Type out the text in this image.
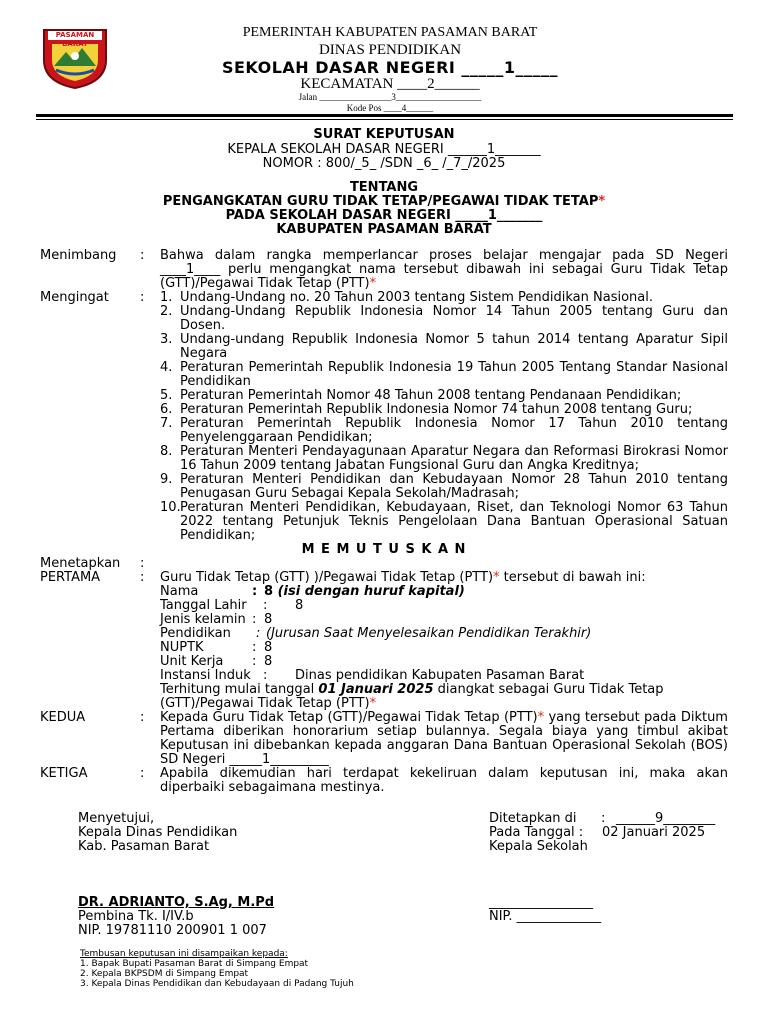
PASAMAN BARAT
PEMERINTAH KABUPATEN PASAMAN BARAT
DINAS PENDIDIKAN
SEKOLAH DASAR NEGERI _____1_____
KECAMATAN ____2______
Jalan ________________3___________________
Kode Pos ____4______
SURAT KEPUTUSAN
KEPALA SEKOLAH DASAR NEGERI ______1_______
NOMOR : 800/_5_ /SDN _6_ /_7_/2025
TENTANG
PENGANGKATAN GURU TIDAK TETAP/PEGAWAI TIDAK TETAP*
PADA SEKOLAH DASAR NEGERI _____1_______
KABUPATEN PASAMAN BARAT
Menimbang	:	Bahwa dalam rangka memperlancar proses belajar mengajar pada SD Negeri
____1____ perlu mengangkat nama tersebut dibawah ini sebagai Guru Tidak Tetap
(GTT)/Pegawai Tidak Tetap (PTT)*
Mengingat	:	1. Undang-Undang no. 20 Tahun 2003 tentang Sistem Pendidikan Nasional.
2. Undang-Undang Republik Indonesia Nomor 14 Tahun 2005 tentang Guru dan Dosen.
3. Undang-undang Republik Indonesia Nomor 5 tahun 2014 tentang Aparatur Sipil Negara
4. Peraturan Pemerintah Republik Indonesia 19 Tahun 2005 Tentang Standar Nasional Pendidikan
5. Peraturan Pemerintah Nomor 48 Tahun 2008 tentang Pendanaan Pendidikan;
6. Peraturan Pemerintah Republik Indonesia Nomor 74 tahun 2008 tentang Guru;
7. Peraturan Pemerintah Republik Indonesia Nomor 17 Tahun 2010 tentang Penyelenggaraan Pendidikan;
8. Peraturan Menteri Pendayagunaan Aparatur Negara dan Reformasi Birokrasi Nomor 16 Tahun 2009 tentang Jabatan Fungsional Guru dan Angka Kreditnya;
9. Peraturan Menteri Pendidikan dan Kebudayaan Nomor 28 Tahun 2010 tentang Penugasan Guru Sebagai Kepala Sekolah/Madrasah;
10. Peraturan Menteri Pendidikan, Kebudayaan, Riset, dan Teknologi Nomor 63 Tahun 2022 tentang Petunjuk Teknis Pengelolaan Dana Bantuan Operasional Satuan Pendidikan;
M E M U T U S K A N
Menetapkan	:
PERTAMA	:	Guru Tidak Tetap (GTT) )/Pegawai Tidak Tetap (PTT)* tersebut di bawah ini:
Nama	: 8 (isi dengan huruf kapital)
Tanggal Lahir : 8
Jenis kelamin : 8
Pendidikan : (Jurusan Saat Menyelesaikan Pendidikan Terakhir)
NUPTK	: 8
Unit Kerja : 8
Instansi Induk : Dinas pendidikan Kabupaten Pasaman Barat
Terhitung mulai tanggal 01 Januari 2025 diangkat sebagai Guru Tidak Tetap
(GTT)/Pegawai Tidak Tetap (PTT)*
KEDUA	:	Kepada Guru Tidak Tetap (GTT)/Pegawai Tidak Tetap (PTT)* yang tersebut pada Diktum Pertama diberikan honorarium setiap bulannya. Segala biaya yang timbul akibat Keputusan ini dibebankan kepada anggaran Dana Bantuan Operasional Sekolah (BOS) SD Negeri _____1_________
KETIGA	:	Apabila dikemudian hari terdapat kekeliruan dalam keputusan ini, maka akan diperbaiki sebagaimana mestinya.
Menyetujui,
Kepala Dinas Pendidikan
Kab. Pasaman Barat
DR. ADRIANTO, S.Ag, M.Pd
Pembina Tk. I/IV.b
NIP. 19781110 200901 1 007
Ditetapkan di : ______9________
Pada Tanggal : 02 Januari 2025
Kepala Sekolah
________________
NIP. _____________
Tembusan keputusan ini disampaikan kepada:
1. Bapak Bupati Pasaman Barat di Simpang Empat
2. Kepala BKPSDM di Simpang Empat
3. Kepala Dinas Pendidikan dan Kebudayaan di Padang Tujuh
